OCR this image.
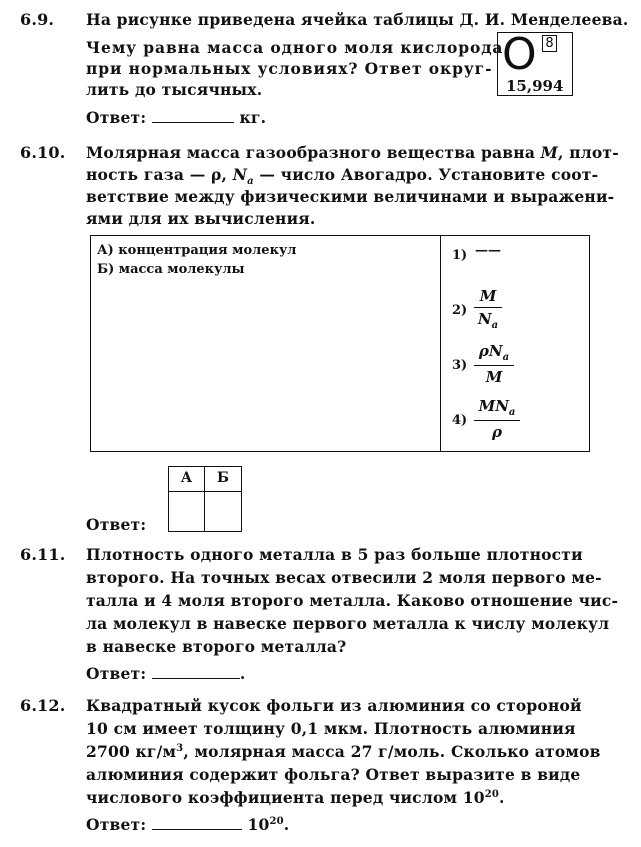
6.9. На рисунке приведена ячейка таблицы Д. И. Менделеева.
Чему равна масса одного моля кислорода
при нормальных условиях? Ответ округ-
лить до тысячных.
Ответ:	кг.
O 8
15,994
6.10. Молярная масса газообразного вещества равна M, плот-
ность газа — ρ, $N_a$ — число Авогадро. Установите соот-
ветствие между физическими величинами и выражени-
ями для их вычисления.
А) концентрация молекул
Б) масса молекулы
1) ——
2)
M
$N_a$
3)
$\rho N_a$
M
4)
$MN_a$
ρ
Ответ:
А	Б
6.11. Плотность одного металла в 5 раз больше плотности
второго. На точных весах отвесили 2 моля первого ме-
талла и 4 моля второго металла. Каково отношение чис-
ла молекул в навеске первого металла к числу молекул
в навеске второго металла?
Ответ:	.
6.12. Квадратный кусок фольги из алюминия со стороной
10 см имеет толщину 0,1 мкм. Плотность алюминия
2700 $кг/м^3$, молярная масса 27 г/моль. Сколько атомов
алюминия содержит фольга? Ответ выразите в виде
числового коэффициента перед числом $10^{20}$.
Ответ:	$10^{20}$.
